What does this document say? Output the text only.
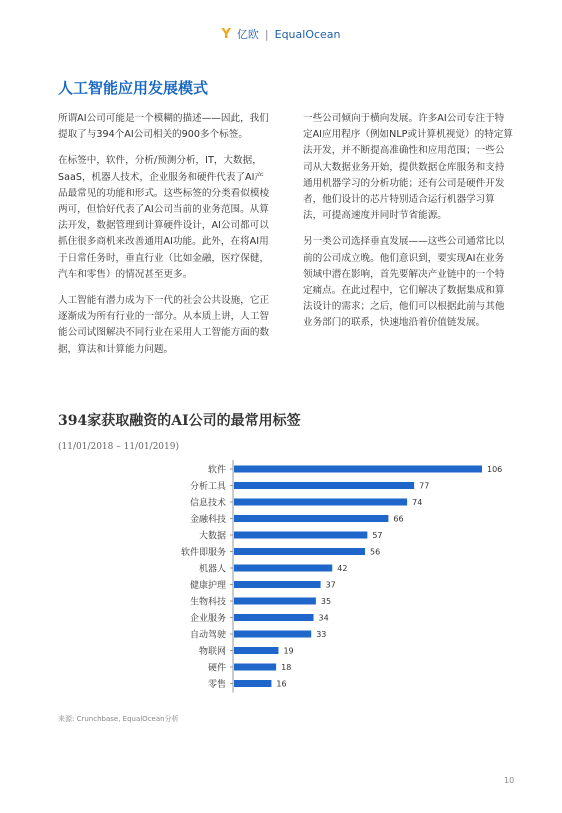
Y 亿欧 | EqualOcean
人工智能应用发展模式

所谓AI公司可能是一个模糊的描述——因此，我们提取了与394个AI公司相关的900多个标签。

在标签中，软件，分析/预测分析，IT，大数据，SaaS，机器人技术，企业服务和硬件代表了AI产品最常见的功能和形式。这些标签的分类看似模棱两可，但恰好代表了AI公司当前的业务范围。从算法开发，数据管理到计算硬件设计，AI公司都可以抓住很多商机来改善通用AI功能。此外，在将AI用于日常任务时，垂直行业（比如金融，医疗保健，汽车和零售）的情况甚至更多。

人工智能有潜力成为下一代的社会公共设施，它正逐渐成为所有行业的一部分。从本质上讲，人工智能公司试图解决不同行业在采用人工智能方面的数据，算法和计算能力问题。

一些公司倾向于横向发展。许多AI公司专注于特定AI应用程序（例如NLP或计算机视觉）的特定算法开发，并不断提高准确性和应用范围；一些公司从大数据业务开始，提供数据仓库服务和支持通用机器学习的分析功能；还有公司是硬件开发者，他们设计的芯片特别适合运行机器学习算法，可提高速度并同时节省能源。

另一类公司选择垂直发展——这些公司通常比以前的公司成立晚。他们意识到，要实现AI在业务领域中潜在影响，首先要解决产业链中的一个特定痛点。在此过程中，它们解决了数据集成和算法设计的需求；之后，他们可以根据此前与其他业务部门的联系，快速地沿着价值链发展。

394家获取融资的AI公司的最常用标签
(11/01/2018 – 11/01/2019)
软件	106
分析工具	77
信息技术	74
金融科技	66
大数据	57
软件即服务	56
机器人	42
健康护理	37
生物科技	35
企业服务	34
自动驾驶	33
物联网	19
硬件	18
零售	16
来源: Crunchbase, EqualOcean分析
10
